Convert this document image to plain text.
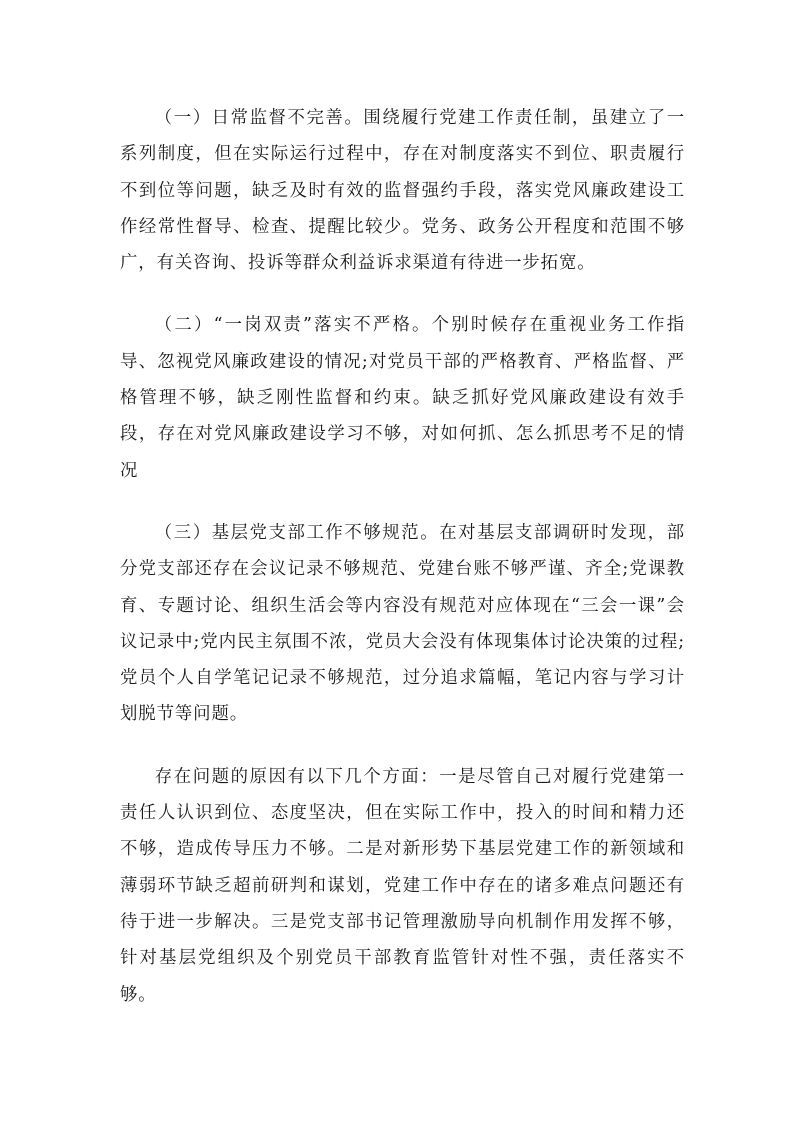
（一）日常监督不完善。围绕履行党建工作责任制，虽建立了一系列制度，但在实际运行过程中，存在对制度落实不到位、职责履行不到位等问题，缺乏及时有效的监督强约手段，落实党风廉政建设工作经常性督导、检查、提醒比较少。党务、政务公开程度和范围不够广，有关咨询、投诉等群众利益诉求渠道有待进一步拓宽。

（二）“一岗双责”落实不严格。个别时候存在重视业务工作指导、忽视党风廉政建设的情况;对党员干部的严格教育、严格监督、严格管理不够，缺乏刚性监督和约束。缺乏抓好党风廉政建设有效手段，存在对党风廉政建设学习不够，对如何抓、怎么抓思考不足的情况

（三）基层党支部工作不够规范。在对基层支部调研时发现，部分党支部还存在会议记录不够规范、党建台账不够严谨、齐全;党课教育、专题讨论、组织生活会等内容没有规范对应体现在“三会一课”会议记录中;党内民主氛围不浓，党员大会没有体现集体讨论决策的过程;党员个人自学笔记记录不够规范，过分追求篇幅，笔记内容与学习计划脱节等问题。

存在问题的原因有以下几个方面：一是尽管自己对履行党建第一责任人认识到位、态度坚决，但在实际工作中，投入的时间和精力还不够，造成传导压力不够。二是对新形势下基层党建工作的新领域和薄弱环节缺乏超前研判和谋划，党建工作中存在的诸多难点问题还有待于进一步解决。三是党支部书记管理激励导向机制作用发挥不够，针对基层党组织及个别党员干部教育监管针对性不强，责任落实不够。
